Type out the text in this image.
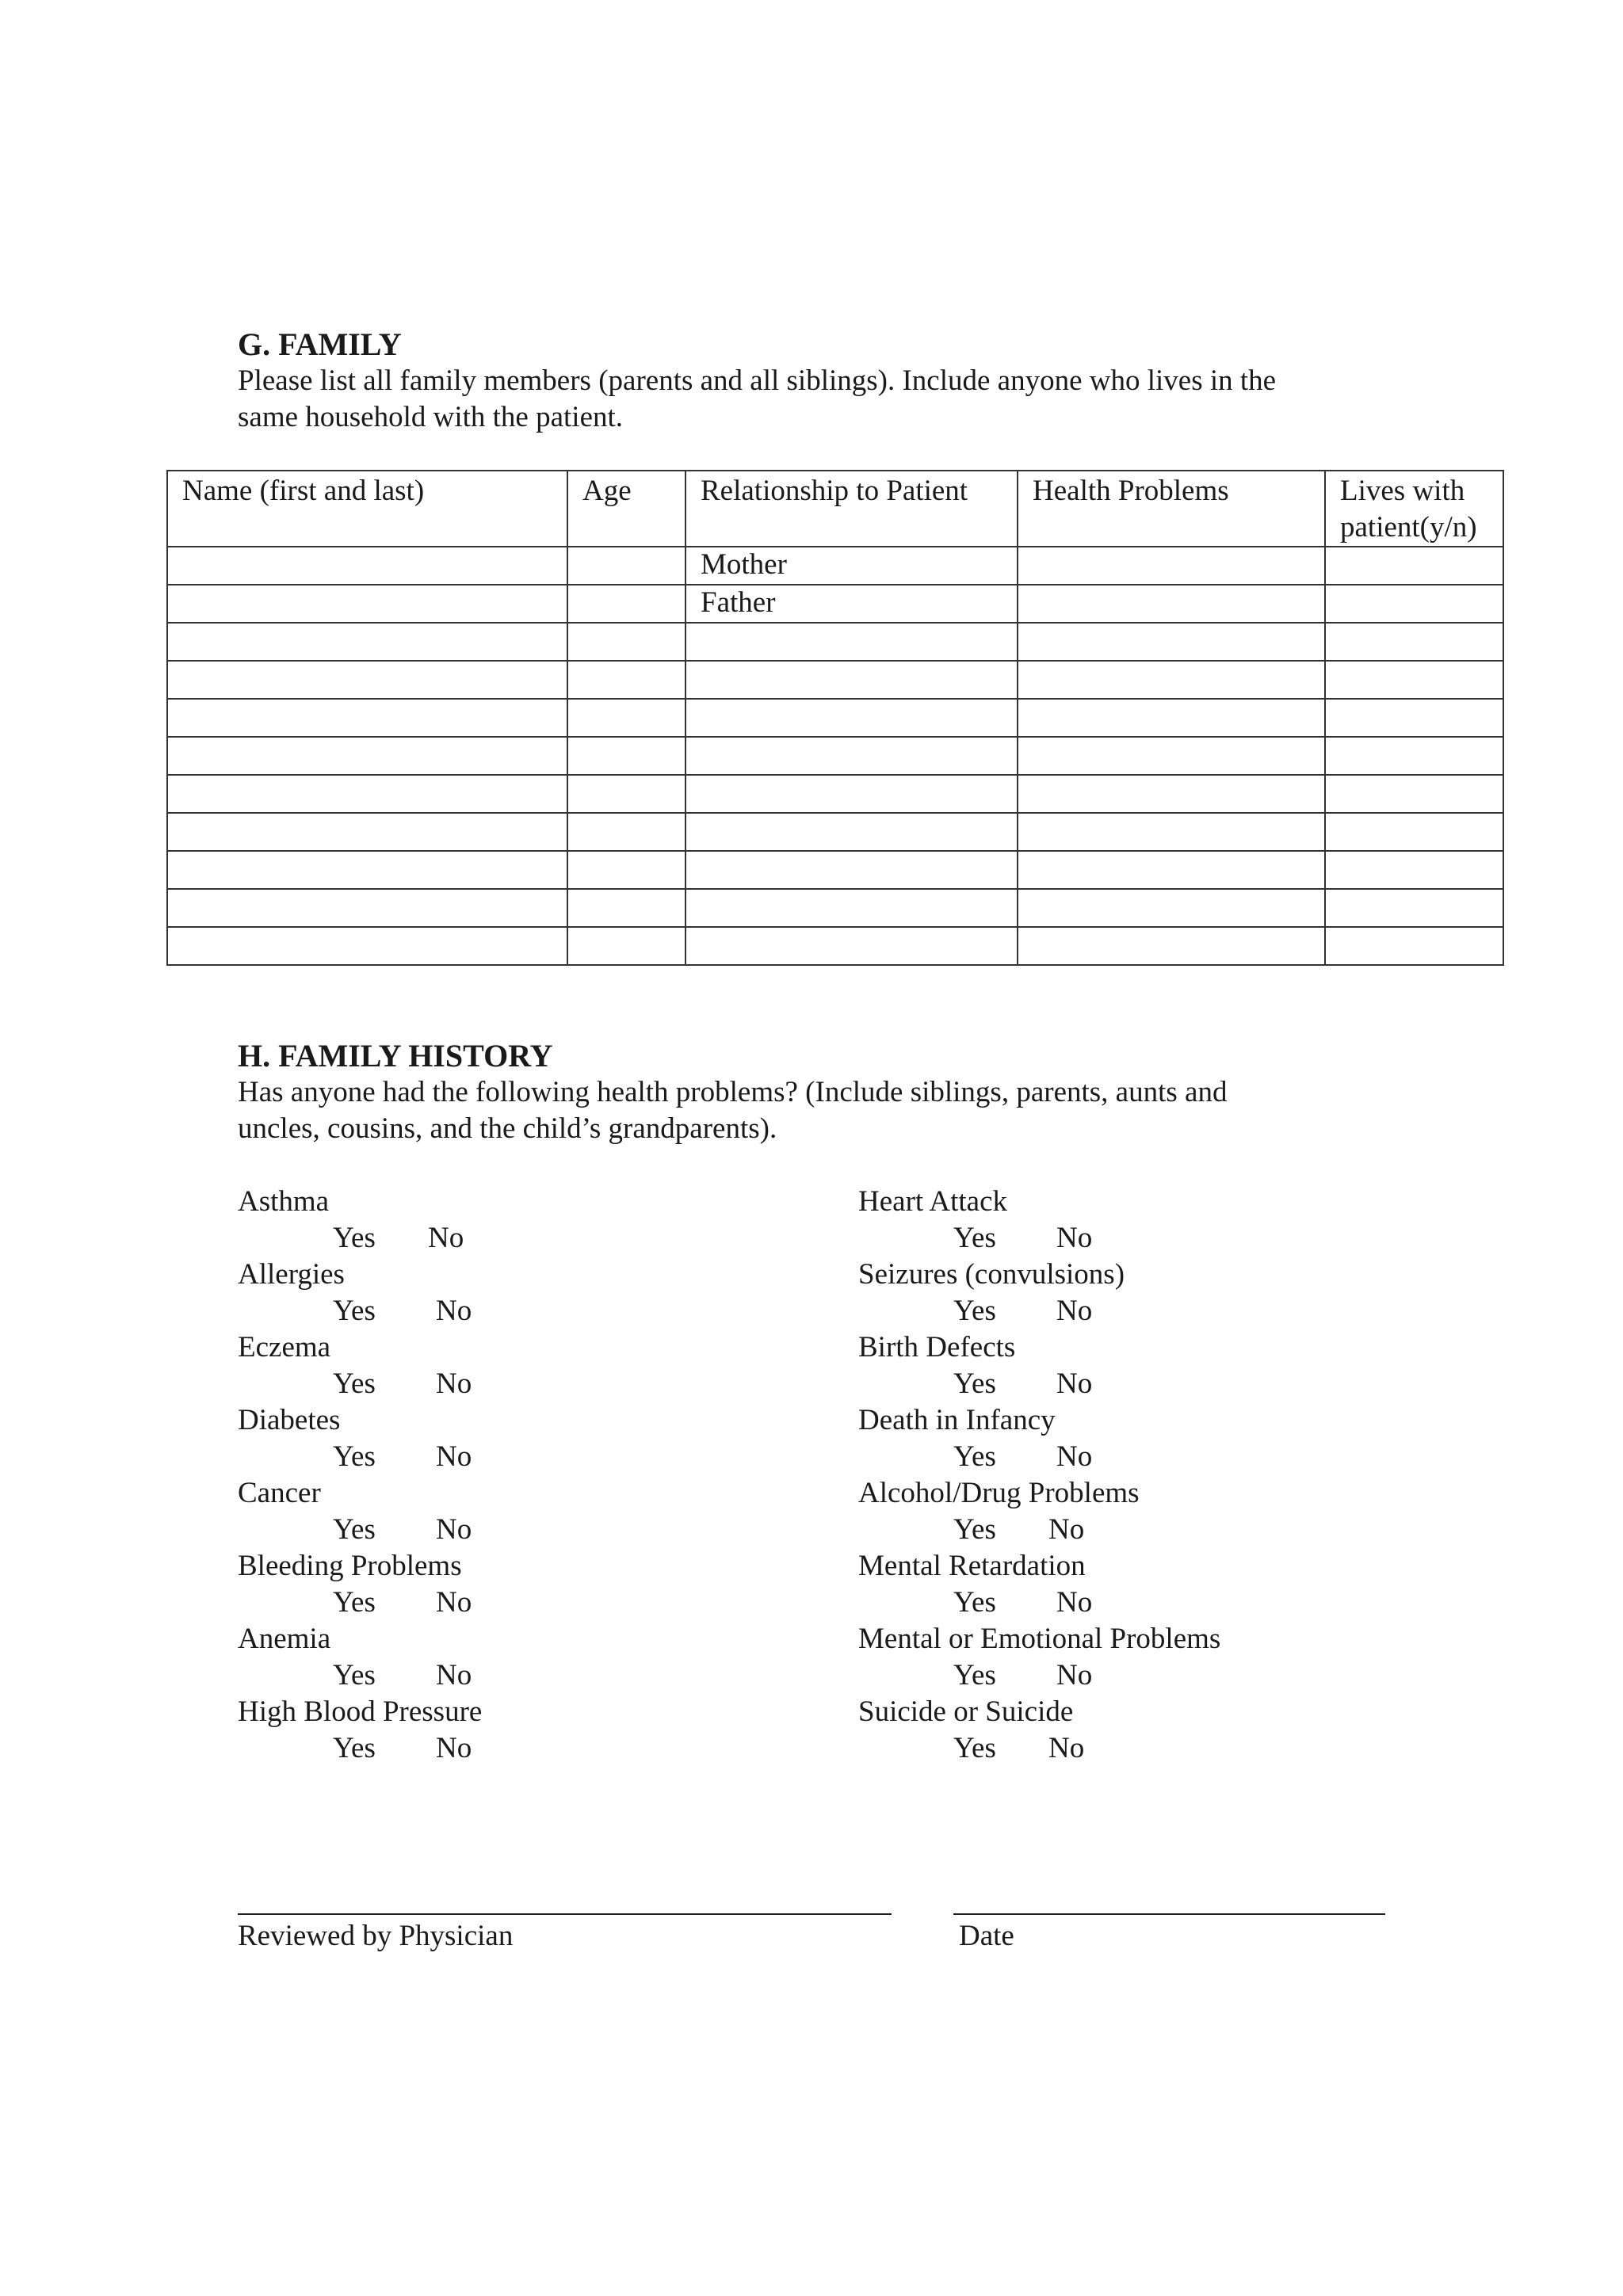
G. FAMILY
Please list all family members (parents and all siblings). Include anyone who lives in the
same household with the patient.
Name (first and last)	Age	Relationship to Patient	Health Problems	Lives with patient(y/n)

		Mother		
		Father		

H. FAMILY HISTORY
Has anyone had the following health problems? (Include siblings, parents, aunts and
uncles, cousins, and the child’s grandparents).
Asthma
Yes No
Allergies
Yes No
Eczema
Yes No
Diabetes
Yes No
Cancer
Yes No
Bleeding Problems
Yes No
Anemia
Yes No
High Blood Pressure
Yes No
Heart Attack
Yes No
Seizures (convulsions)
Yes No
Birth Defects
Yes No
Death in Infancy
Yes No
Alcohol/Drug Problems
Yes No
Mental Retardation
Yes No
Mental or Emotional Problems
Yes No
Suicide or Suicide
Yes No
Reviewed by Physician	Date
